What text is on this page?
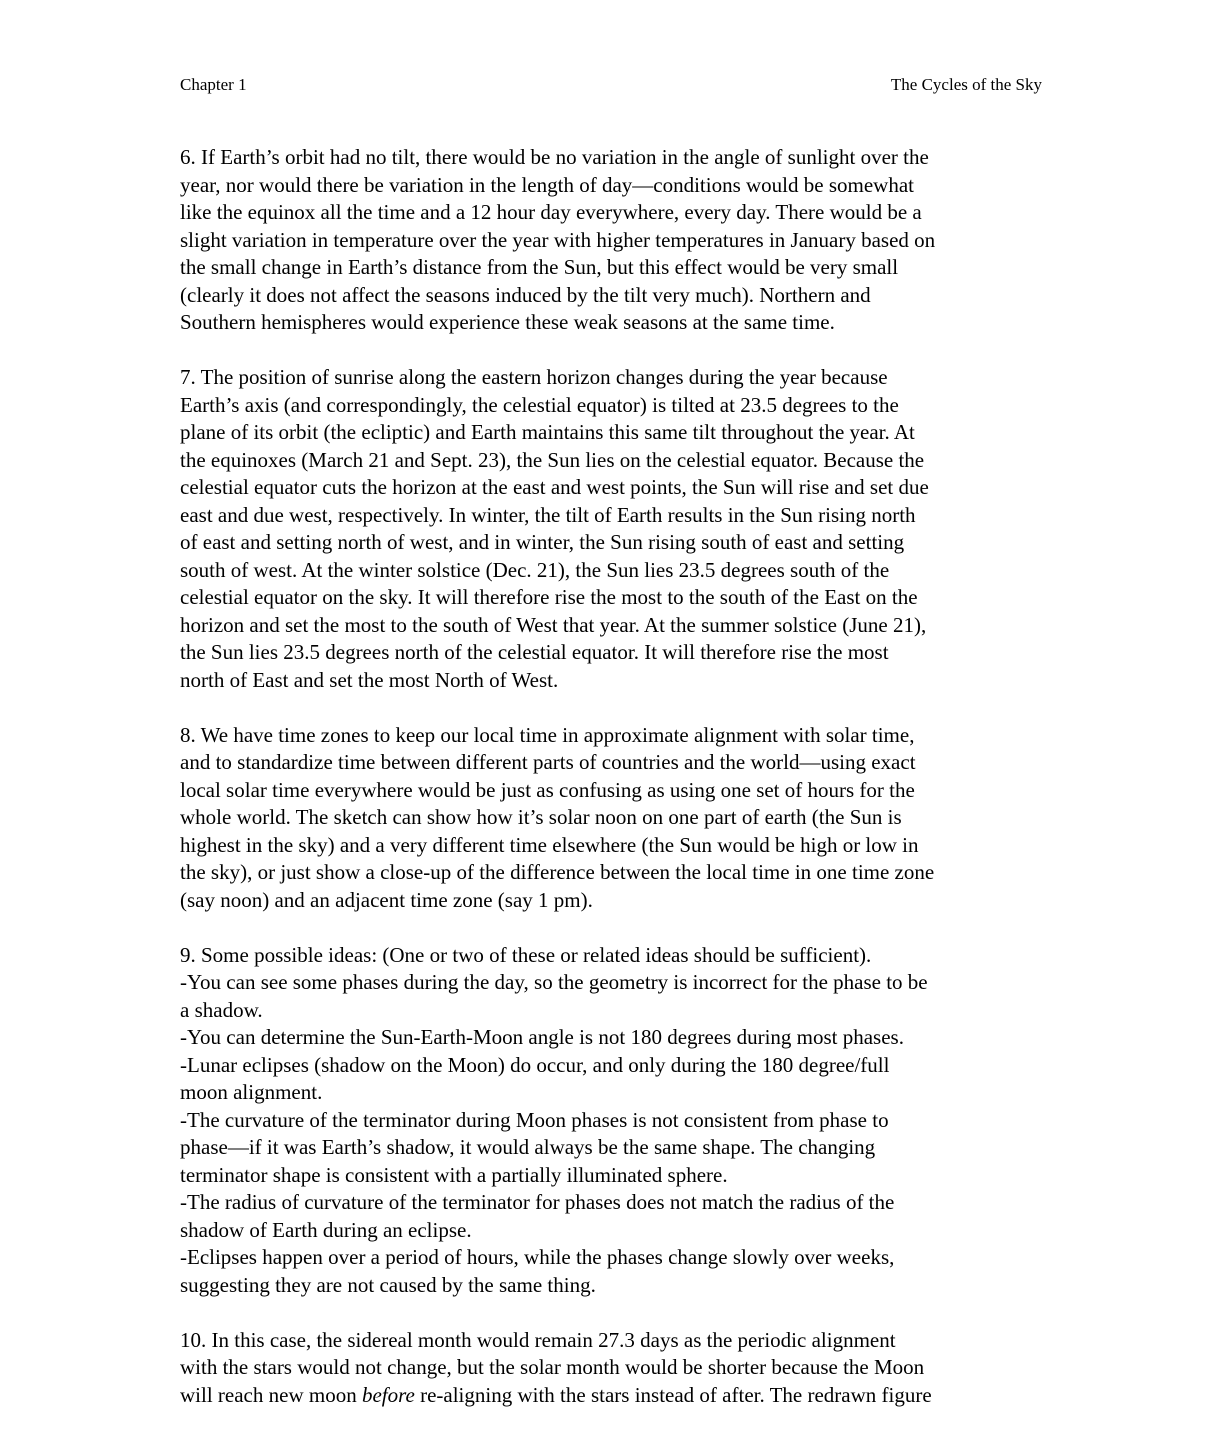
Chapter 1	The Cycles of the Sky

6. If Earth’s orbit had no tilt, there would be no variation in the angle of sunlight over the
year, nor would there be variation in the length of day—conditions would be somewhat
like the equinox all the time and a 12 hour day everywhere, every day. There would be a
slight variation in temperature over the year with higher temperatures in January based on
the small change in Earth’s distance from the Sun, but this effect would be very small
(clearly it does not affect the seasons induced by the tilt very much). Northern and
Southern hemispheres would experience these weak seasons at the same time.

7. The position of sunrise along the eastern horizon changes during the year because
Earth’s axis (and correspondingly, the celestial equator) is tilted at 23.5 degrees to the
plane of its orbit (the ecliptic) and Earth maintains this same tilt throughout the year. At
the equinoxes (March 21 and Sept. 23), the Sun lies on the celestial equator. Because the
celestial equator cuts the horizon at the east and west points, the Sun will rise and set due
east and due west, respectively. In winter, the tilt of Earth results in the Sun rising north
of east and setting north of west, and in winter, the Sun rising south of east and setting
south of west. At the winter solstice (Dec. 21), the Sun lies 23.5 degrees south of the
celestial equator on the sky. It will therefore rise the most to the south of the East on the
horizon and set the most to the south of West that year. At the summer solstice (June 21),
the Sun lies 23.5 degrees north of the celestial equator. It will therefore rise the most
north of East and set the most North of West.

8. We have time zones to keep our local time in approximate alignment with solar time,
and to standardize time between different parts of countries and the world—using exact
local solar time everywhere would be just as confusing as using one set of hours for the
whole world. The sketch can show how it’s solar noon on one part of earth (the Sun is
highest in the sky) and a very different time elsewhere (the Sun would be high or low in
the sky), or just show a close-up of the difference between the local time in one time zone
(say noon) and an adjacent time zone (say 1 pm).

9. Some possible ideas: (One or two of these or related ideas should be sufficient).
-You can see some phases during the day, so the geometry is incorrect for the phase to be
a shadow.
-You can determine the Sun-Earth-Moon angle is not 180 degrees during most phases.
-Lunar eclipses (shadow on the Moon) do occur, and only during the 180 degree/full
moon alignment.
-The curvature of the terminator during Moon phases is not consistent from phase to
phase—if it was Earth’s shadow, it would always be the same shape. The changing
terminator shape is consistent with a partially illuminated sphere.
-The radius of curvature of the terminator for phases does not match the radius of the
shadow of Earth during an eclipse.
-Eclipses happen over a period of hours, while the phases change slowly over weeks,
suggesting they are not caused by the same thing.

10. In this case, the sidereal month would remain 27.3 days as the periodic alignment
with the stars would not change, but the solar month would be shorter because the Moon
will reach new moon before re-aligning with the stars instead of after. The redrawn figure
